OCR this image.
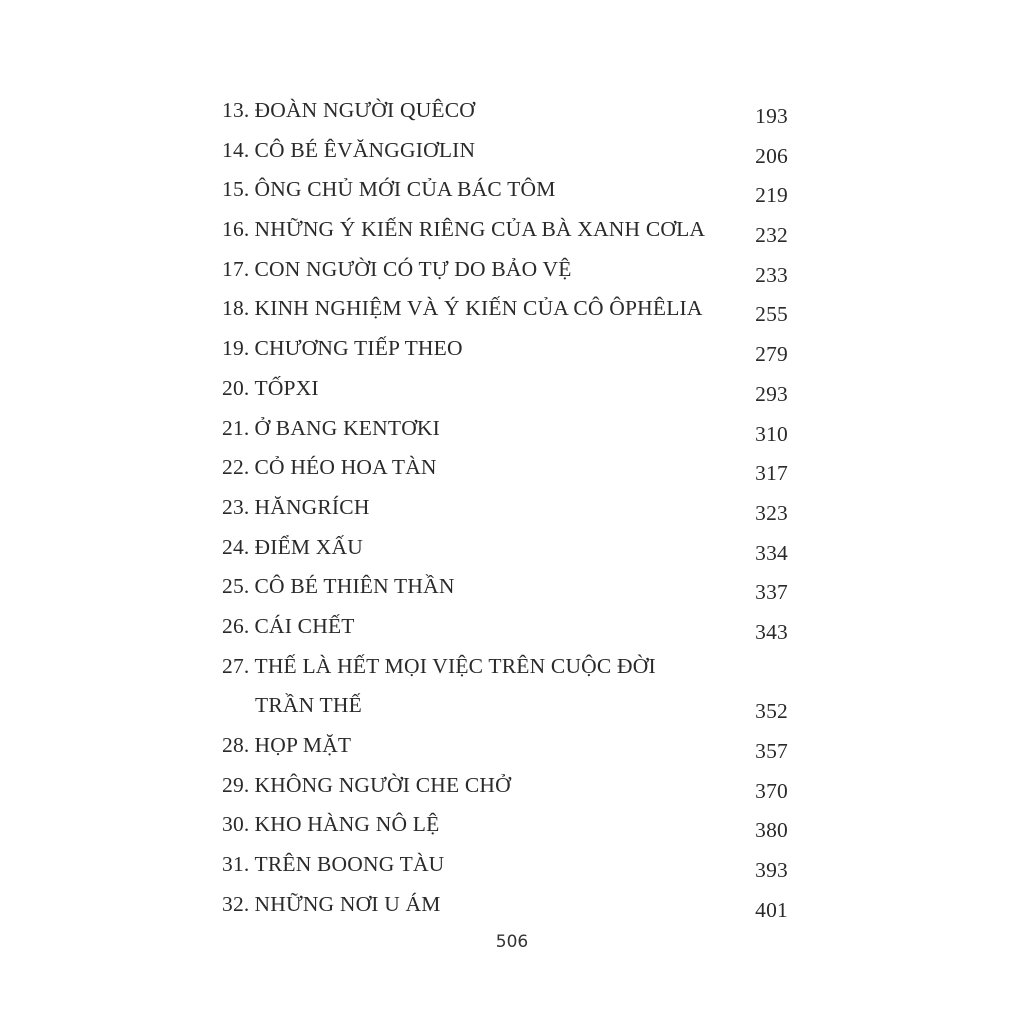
13. ĐOÀN NGƯỜI QUÊCƠ	193
14. CÔ BÉ ÊVĂNGGIƠLIN	206
15. ÔNG CHỦ MỚI CỦA BÁC TÔM	219
16. NHỮNG Ý KIẾN RIÊNG CỦA BÀ XANH CƠLA 232
17. CON NGƯỜI CÓ TỰ DO BẢO VỆ	233
18. KINH NGHIỆM VÀ Ý KIẾN CỦA CÔ ÔPHÊLIA 255
19. CHƯƠNG TIẾP THEO	279
20. TỐPXI	293
21. Ở BANG KENTƠKI	310
22. CỎ HÉO HOA TÀN	317
23. HĂNGRÍCH	323
24. ĐIỂM XẤU	334
25. CÔ BÉ THIÊN THẦN	337
26. CÁI CHẾT	343
27. THẾ LÀ HẾT MỌI VIỆC TRÊN CUỘC ĐỜI
TRẦN THẾ	352
28. HỌP MẶT	357
29. KHÔNG NGƯỜI CHE CHỞ	370
30. KHO HÀNG NÔ LỆ	380
31. TRÊN BOONG TÀU	393
32. NHỮNG NƠI U ÁM	401
506
